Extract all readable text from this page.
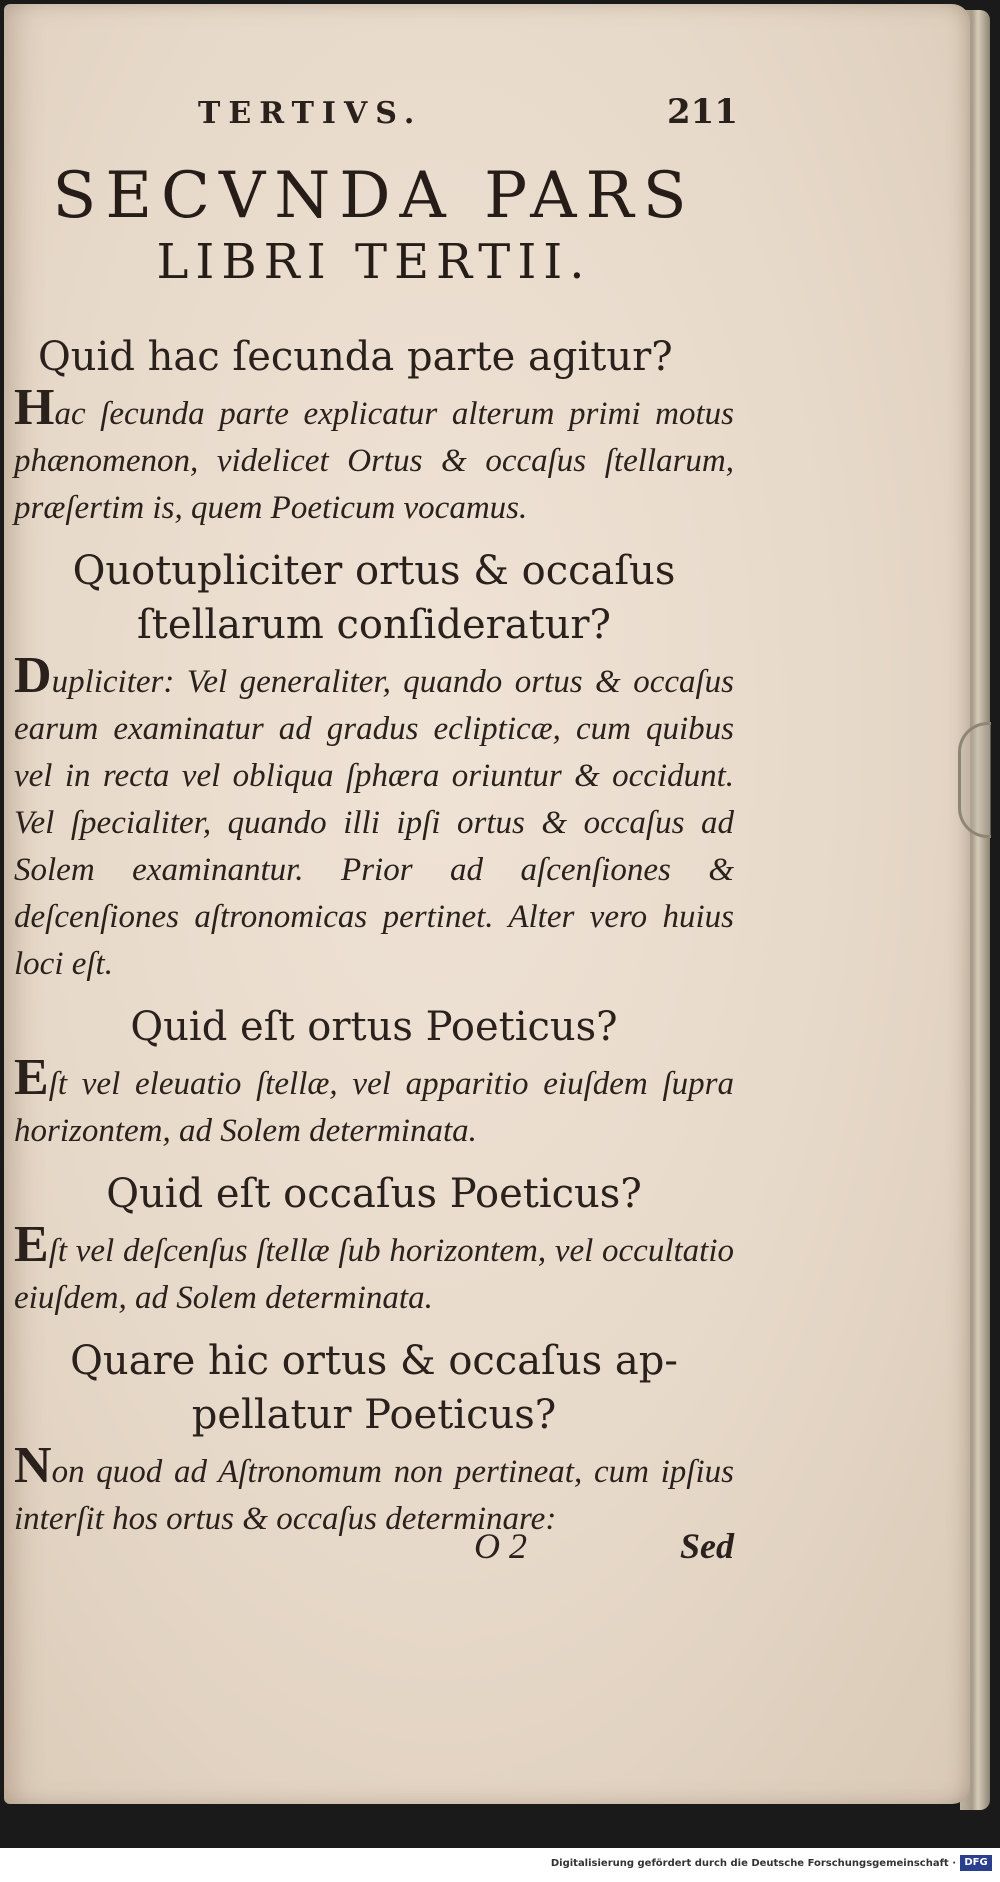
TERTIVS.	211
SECVNDA PARS
LIBRI TERTII.

Quid hac ſecunda parte agitur?

Hac ſecunda parte explicatur alterum primi motus phænomenon, videlicet Ortus & occaſus ſtellarum, præſertim is, quem Poeticum vocamus.

Quotupliciter ortus & occaſus
ſtellarum conſideratur?

Dupliciter: Vel generaliter, quando ortus & occaſus earum examinatur ad gradus eclipticæ, cum quibus vel in recta vel obliqua ſphæra oriuntur & occidunt. Vel ſpecialiter, quando illi ipſi ortus & occaſus ad Solem examinantur. Prior ad aſcenſiones & deſcenſiones aſtronomicas pertinet. Alter vero huius loci eſt.

Quid eſt ortus Poeticus?

Eſt vel eleuatio ſtellæ, vel apparitio eiuſdem ſupra horizontem, ad Solem determinata.

Quid eſt occaſus Poeticus?

Eſt vel deſcenſus ſtellæ ſub horizontem, vel occultatio eiuſdem, ad Solem determinata.

Quare hic ortus & occaſus ap-
pellatur Poeticus?

Non quod ad Aſtronomum non pertineat, cum ipſius interſit hos ortus & occaſus determinare:

O 2	Sed
Digitalisierung gefördert durch die Deutsche Forschungsgemeinschaft · DFG
